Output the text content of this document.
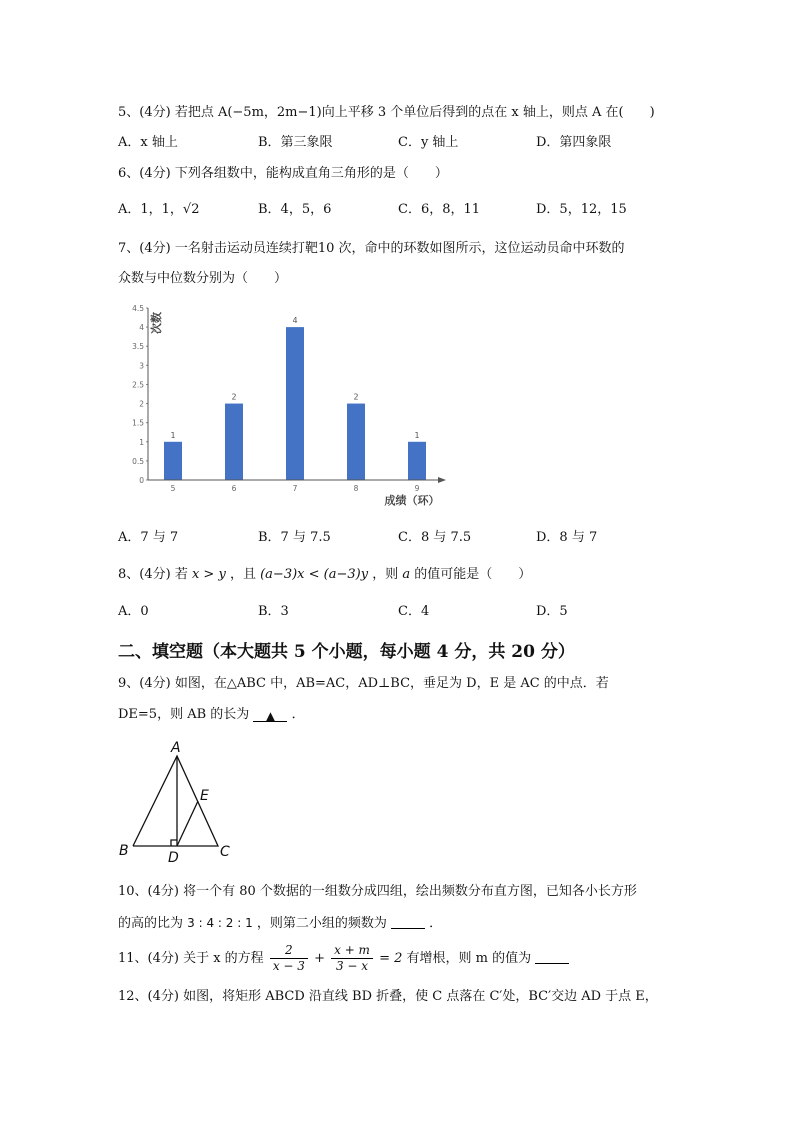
5、(4分) 若把点 A(−5m，2m−1)向上平移 3 个单位后得到的点在 x 轴上，则点 A 在(　　)
A．x 轴上	B．第三象限	C．y 轴上	D．第四象限
6、(4分) 下列各组数中，能构成直角三角形的是（　　）
A．1，1，√2	B．4，5，6	C．6，8，11	D．5，12，15
7、(4分) 一名射击运动员连续打靶10 次，命中的环数如图所示，这位运动员命中环数的
众数与中位数分别为（　　）
0
0.5
1
1.5
2
2.5
3
3.5
4
4.5
1
5
2
6
4
7
2
8
1
9
次数
成绩（环）
A．7 与 7	B．7 与 7.5	C．8 与 7.5	D．8 与 7
8、(4分) 若 x > y ，且 (a−3)x < (a−3)y ，则 a 的值可能是（　　）
A．0	B．3	C．4	D．5
二、填空题（本大题共 5 个小题，每小题 4 分，共 20 分）
9、(4分) 如图，在△ABC 中，AB=AC，AD⊥BC，垂足为 D，E 是 AC 的中点．若
DE=5，则 AB 的长为 ▲ ．
A
B	C
D
E
10、(4分) 将一个有 80 个数据的一组数分成四组，绘出频数分布直方图，已知各小长方形
的高的比为 3 : 4 : 2 : 1 ，则第二小组的频数为	．
11、(4分) 关于 x 的方程 $\frac{2}{x - 3} + \frac{x + m}{3 - x} = 2$ 有增根，则 m 的值为
12、(4分) 如图，将矩形 ABCD 沿直线 BD 折叠，使 C 点落在 C′处，BC′交边 AD 于点 E，
